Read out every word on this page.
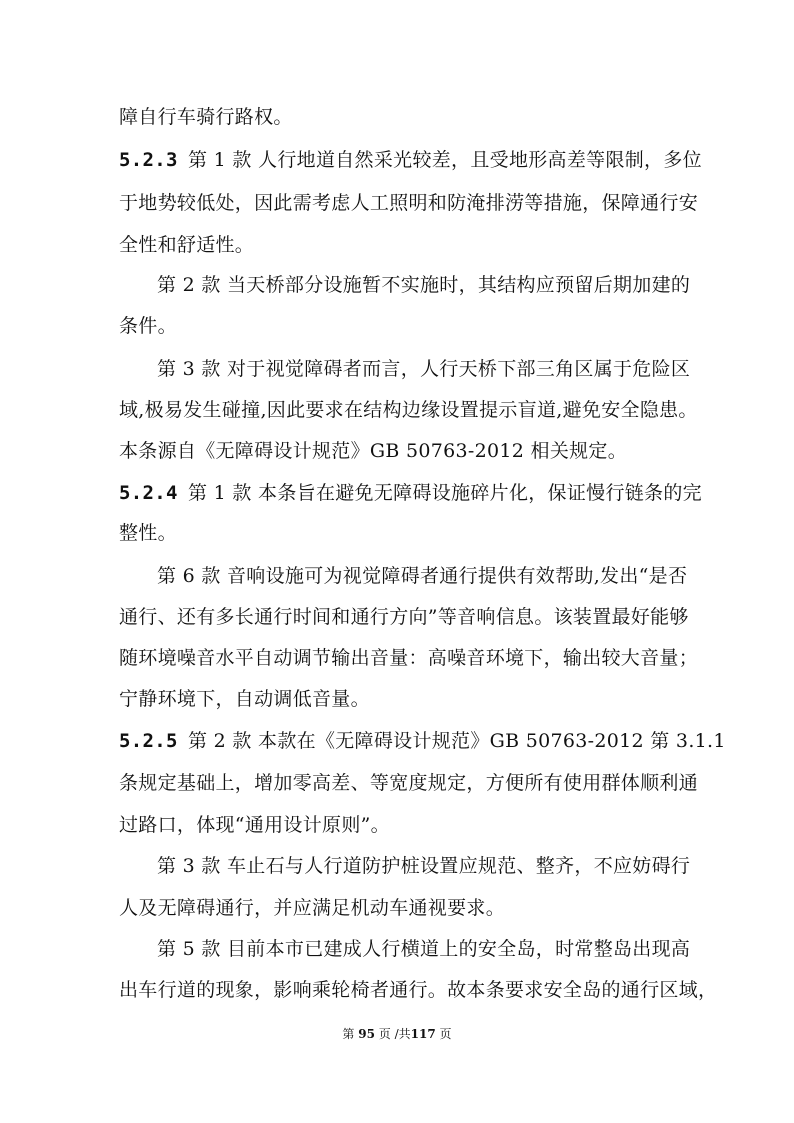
障自行车骑行路权。
5.2.3 第 1 款 人行地道自然采光较差，且受地形高差等限制，多位
于地势较低处，因此需考虑人工照明和防淹排涝等措施，保障通行安
全性和舒适性。
第 2 款 当天桥部分设施暂不实施时，其结构应预留后期加建的
条件。
第 3 款 对于视觉障碍者而言，人行天桥下部三角区属于危险区
域,极易发生碰撞,因此要求在结构边缘设置提示盲道,避免安全隐患。
本条源自《无障碍设计规范》GB 50763-2012 相关规定。
5.2.4 第 1 款 本条旨在避免无障碍设施碎片化，保证慢行链条的完
整性。
第 6 款 音响设施可为视觉障碍者通行提供有效帮助,发出“是否
通行、还有多长通行时间和通行方向”等音响信息。该装置最好能够
随环境噪音水平自动调节输出音量：高噪音环境下，输出较大音量；
宁静环境下，自动调低音量。
5.2.5 第 2 款 本款在《无障碍设计规范》GB 50763-2012 第 3.1.1
条规定基础上，增加零高差、等宽度规定，方便所有使用群体顺利通
过路口，体现“通用设计原则”。
第 3 款 车止石与人行道防护桩设置应规范、整齐，不应妨碍行
人及无障碍通行，并应满足机动车通视要求。
第 5 款 目前本市已建成人行横道上的安全岛，时常整岛出现高
出车行道的现象，影响乘轮椅者通行。故本条要求安全岛的通行区域，
第 95 页 /共117 页
